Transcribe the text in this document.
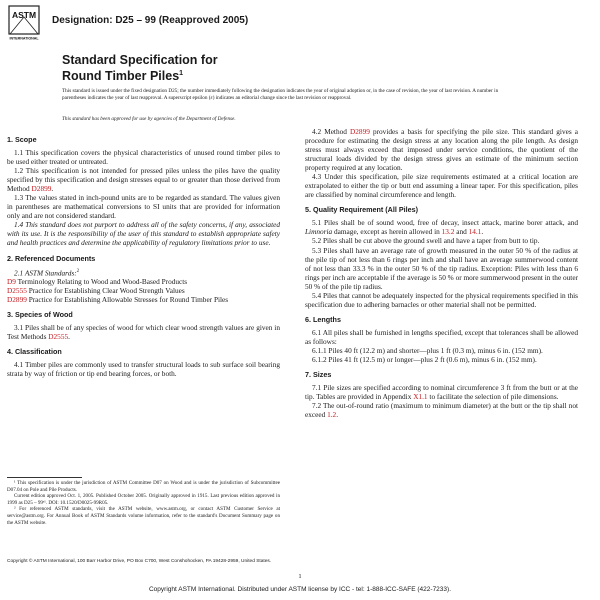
ASTM
INTERNATIONAL
Designation: D25 – 99 (Reapproved 2005)
Standard Specification for
Round Timber Piles$^1$
This standard is issued under the fixed designation D25; the number immediately following the designation indicates the year of original adoption or, in the case of revision, the year of last revision. A number in parentheses indicates the year of last reapproval. A superscript epsilon (ε) indicates an editorial change since the last revision or reapproval.
This standard has been approved for use by agencies of the Department of Defense.
1. Scope

1.1 This specification covers the physical characteristics of unused round timber piles to be used either treated or untreated.

1.2 This specification is not intended for pressed piles unless the piles have the quality specified by this specification and design stresses equal to or greater than those derived from Method D2899.

1.3 The values stated in inch-pound units are to be regarded as standard. The values given in parentheses are mathematical conversions to SI units that are provided for information only and are not considered standard.

1.4 This standard does not purport to address all of the safety concerns, if any, associated with its use. It is the responsibility of the user of this standard to establish appropriate safety and health practices and determine the applicability of regulatory limitations prior to use.

2. Referenced Documents

2.1 ASTM Standards:$^2$

D9 Terminology Relating to Wood and Wood-Based Products
D2555 Practice for Establishing Clear Wood Strength Values
D2899 Practice for Establishing Allowable Stresses for Round Timber Piles
3. Species of Wood

3.1 Piles shall be of any species of wood for which clear wood strength values are given in Test Methods D2555.

4. Classification

4.1 Timber piles are commonly used to transfer structural loads to sub surface soil bearing strata by way of friction or tip end bearing forces, or both.

¹ This specification is under the jurisdiction of ASTM Committee D07 on Wood and is under the jurisdiction of Subcommittee D07.04 on Pole and Pile Products.

Current edition approved Oct. 1, 2005. Published October 2005. Originally approved in 1915. Last previous edition approved in 1999 as D25 – 99ᵉ¹. DOI: 10.1520/D0025-99R05.

² For referenced ASTM standards, visit the ASTM website, www.astm.org, or contact ASTM Customer Service at service@astm.org. For Annual Book of ASTM Standards volume information, refer to the standard's Document Summary page on the ASTM website.

4.2 Method D2899 provides a basis for specifying the pile size. This standard gives a procedure for estimating the design stress at any location along the pile length. As design stress must always exceed that imposed under service conditions, the quotient of the structural loads divided by the design stress gives an estimate of the minimum section property required at any location.

4.3 Under this specification, pile size requirements estimated at a critical location are extrapolated to either the tip or butt end assuming a linear taper. For this specification, piles are classified by nominal circumference and length.

5. Quality Requirement (All Piles)

5.1 Piles shall be of sound wood, free of decay, insect attack, marine borer attack, and Limnoria damage, except as herein allowed in 13.2 and 14.1.

5.2 Piles shall be cut above the ground swell and have a taper from butt to tip.

5.3 Piles shall have an average rate of growth measured in the outer 50 % of the radius at the pile tip of not less than 6 rings per inch and shall have an average summerwood content of not less than 33.3 % in the outer 50 % of the tip radius. Exception: Piles with less than 6 rings per inch are acceptable if the average is 50 % or more summerwood present in the outer 50 % of the pile tip radius.

5.4 Piles that cannot be adequately inspected for the physical requirements specified in this specification due to adhering barnacles or other material shall not be permitted.

6. Lengths

6.1 All piles shall be furnished in lengths specified, except that tolerances shall be allowed as follows:

6.1.1 Piles 40 ft (12.2 m) and shorter—plus 1 ft (0.3 m), minus 6 in. (152 mm).

6.1.2 Piles 41 ft (12.5 m) or longer—plus 2 ft (0.6 m), minus 6 in. (152 mm).

7. Sizes

7.1 Pile sizes are specified according to nominal circumference 3 ft from the butt or at the tip. Tables are provided in Appendix X1.1 to facilitate the selection of pile dimensions.

7.2 The out-of-round ratio (maximum to minimum diameter) at the butt or the tip shall not exceed 1.2.

Copyright © ASTM International, 100 Barr Harbor Drive, PO Box C700, West Conshohocken, PA 19428-2959, United States.
1
Copyright ASTM International. Distributed under ASTM license by ICC - tel: 1-888-ICC-SAFE (422-7233).
